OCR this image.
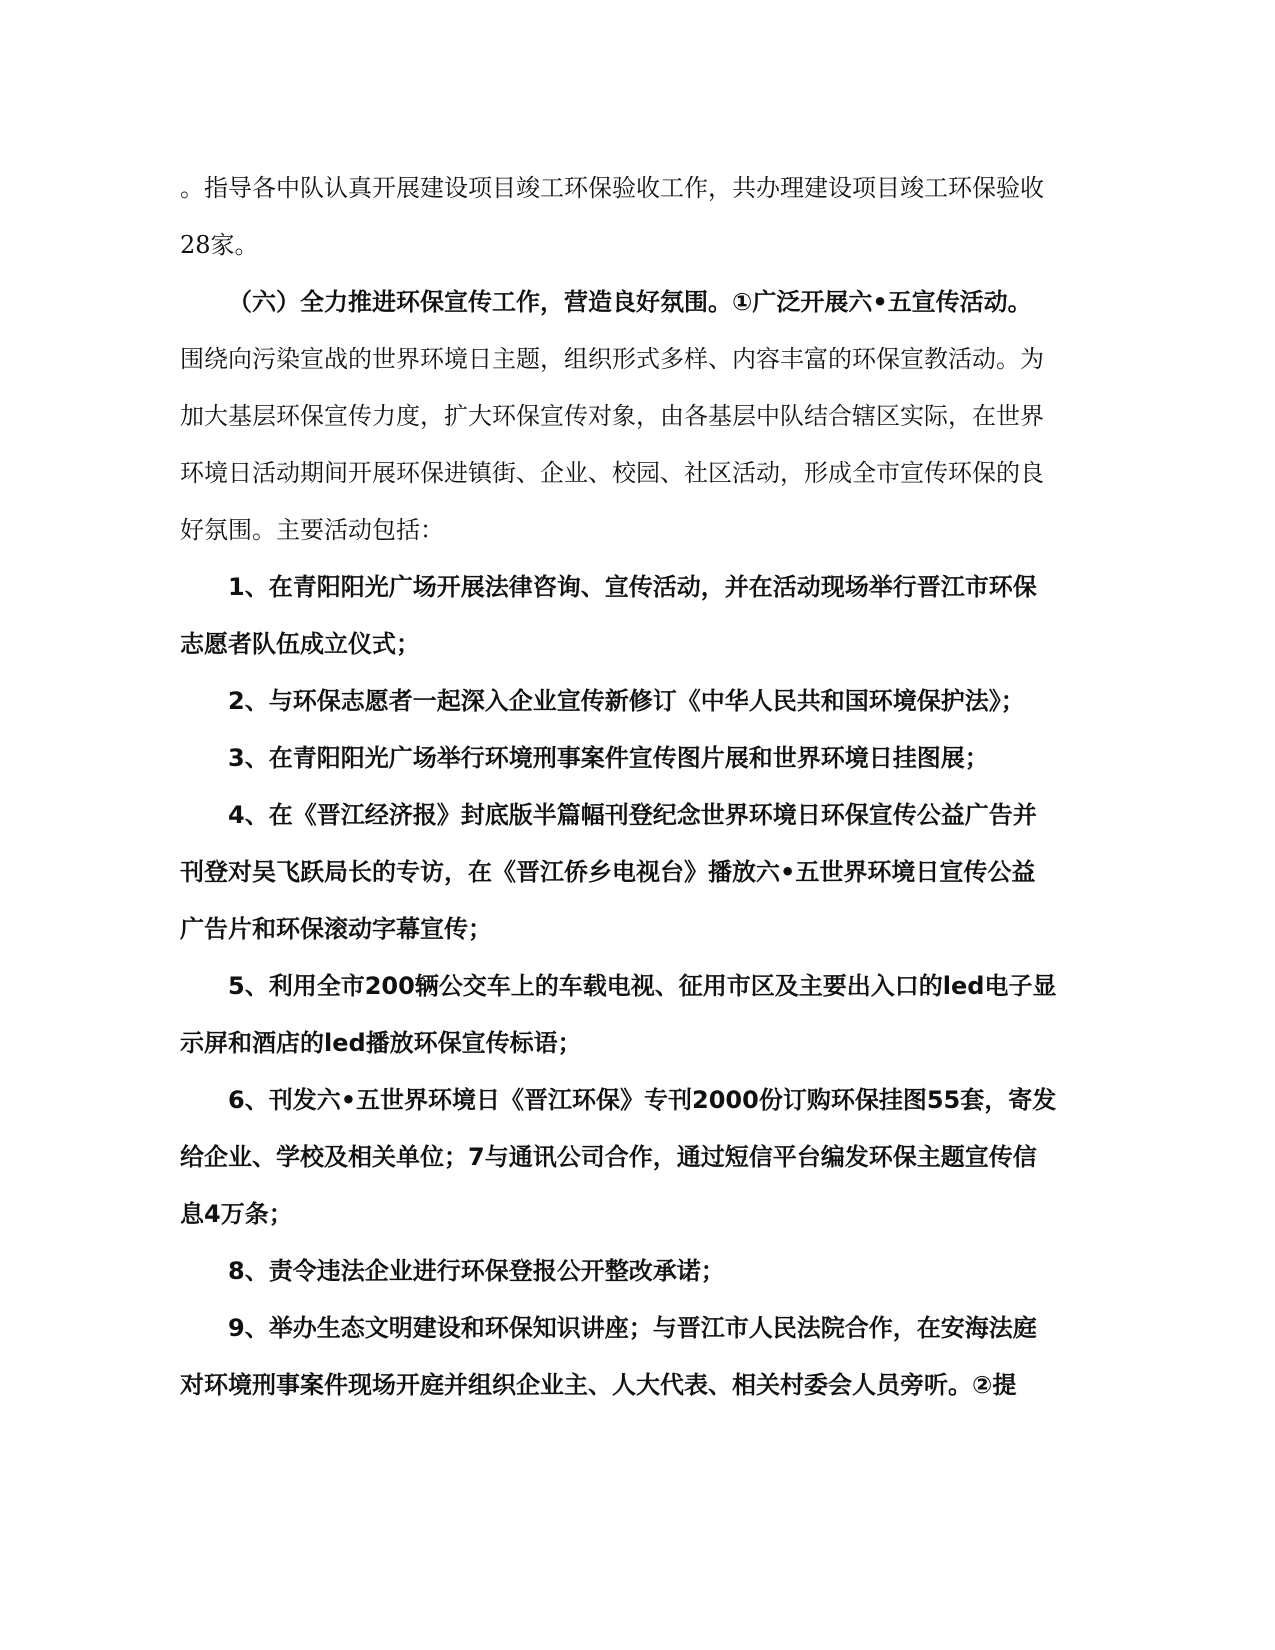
。指导各中队认真开展建设项目竣工环保验收工作，共办理建设项目竣工环保验收
28家。
（六）全力推进环保宣传工作，营造良好氛围。①广泛开展六•五宣传活动。
围绕向污染宣战的世界环境日主题，组织形式多样、内容丰富的环保宣教活动。为
加大基层环保宣传力度，扩大环保宣传对象，由各基层中队结合辖区实际，在世界
环境日活动期间开展环保进镇街、企业、校园、社区活动，形成全市宣传环保的良
好氛围。主要活动包括：
1、在青阳阳光广场开展法律咨询、宣传活动，并在活动现场举行晋江市环保
志愿者队伍成立仪式；
2、与环保志愿者一起深入企业宣传新修订《中华人民共和国环境保护法》；
3、在青阳阳光广场举行环境刑事案件宣传图片展和世界环境日挂图展；
4、在《晋江经济报》封底版半篇幅刊登纪念世界环境日环保宣传公益广告并
刊登对吴飞跃局长的专访，在《晋江侨乡电视台》播放六•五世界环境日宣传公益
广告片和环保滚动字幕宣传；
5、利用全市200辆公交车上的车载电视、征用市区及主要出入口的led电子显
示屏和酒店的led播放环保宣传标语；
6、刊发六•五世界环境日《晋江环保》专刊2000份订购环保挂图55套，寄发
给企业、学校及相关单位；7与通讯公司合作，通过短信平台编发环保主题宣传信
息4万条；
8、责令违法企业进行环保登报公开整改承诺；
9、举办生态文明建设和环保知识讲座；与晋江市人民法院合作，在安海法庭
对环境刑事案件现场开庭并组织企业主、人大代表、相关村委会人员旁听。②提
